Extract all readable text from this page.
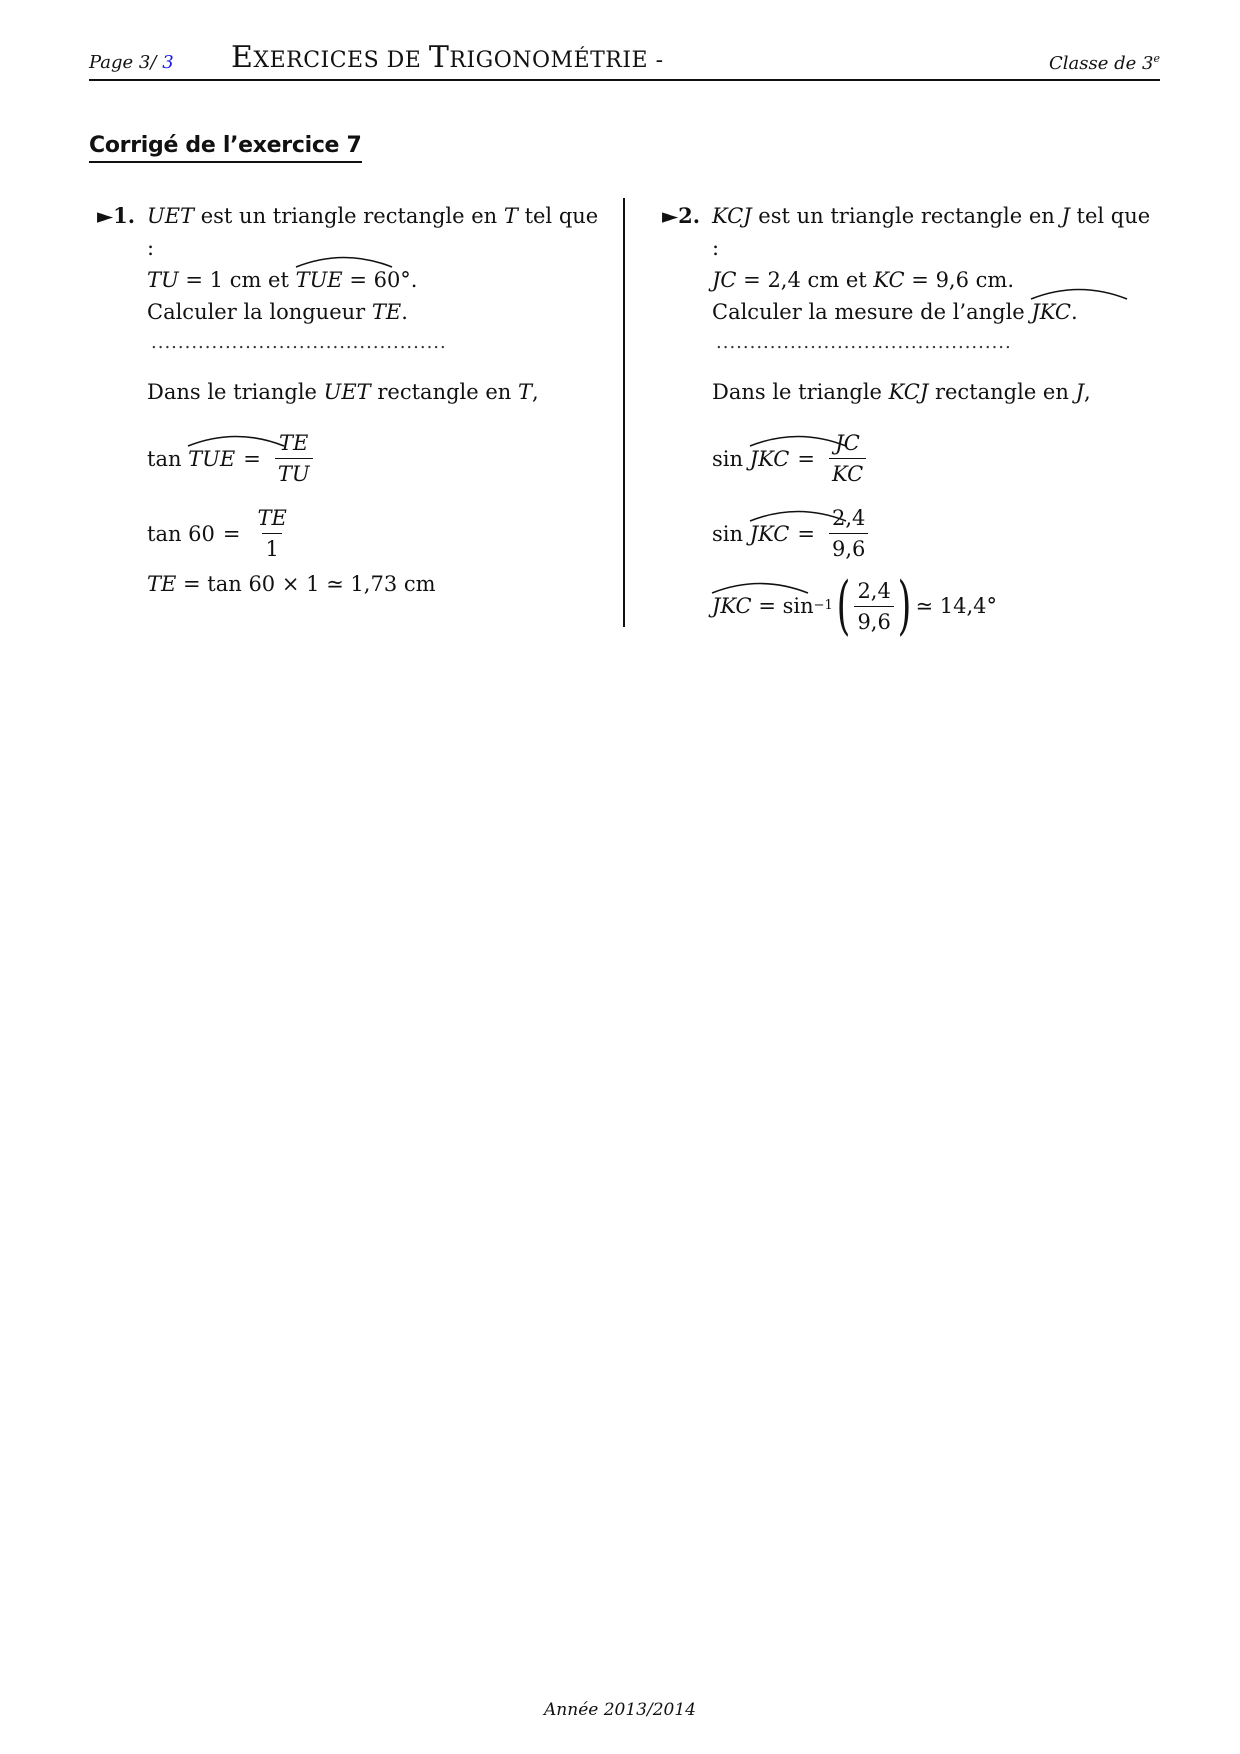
Page 3/ 3 EXERCICES DE TRIGONOMÉTRIE -	Classe de 3e
Corrigé de l’exercice 7
►1. UET est un triangle rectangle en T tel que :
TU = 1 cm et
TUE = 60°.
Calculer la longueur TE.
............................................
Dans le triangle UET rectangle en T,
tan
TUE = $\frac{TE}{TU}$
$\tan 60 = \frac{TE}{1}$
TE = tan 60 × 1 ≃ 1,73 cm
►2. KCJ est un triangle rectangle en J tel que :
JC = 2,4 cm et KC = 9,6 cm.
Calculer la mesure de l’angle
JKC.
............................................
Dans le triangle KCJ rectangle en J,
sin
JKC = $\frac{JC}{KC}$
sin
JKC = $\frac{2,4}{9,6}$
JKC
= sin −1
( $\frac{2,4}{9,6}$ )
≃ 14,4°
Année 2013/2014
